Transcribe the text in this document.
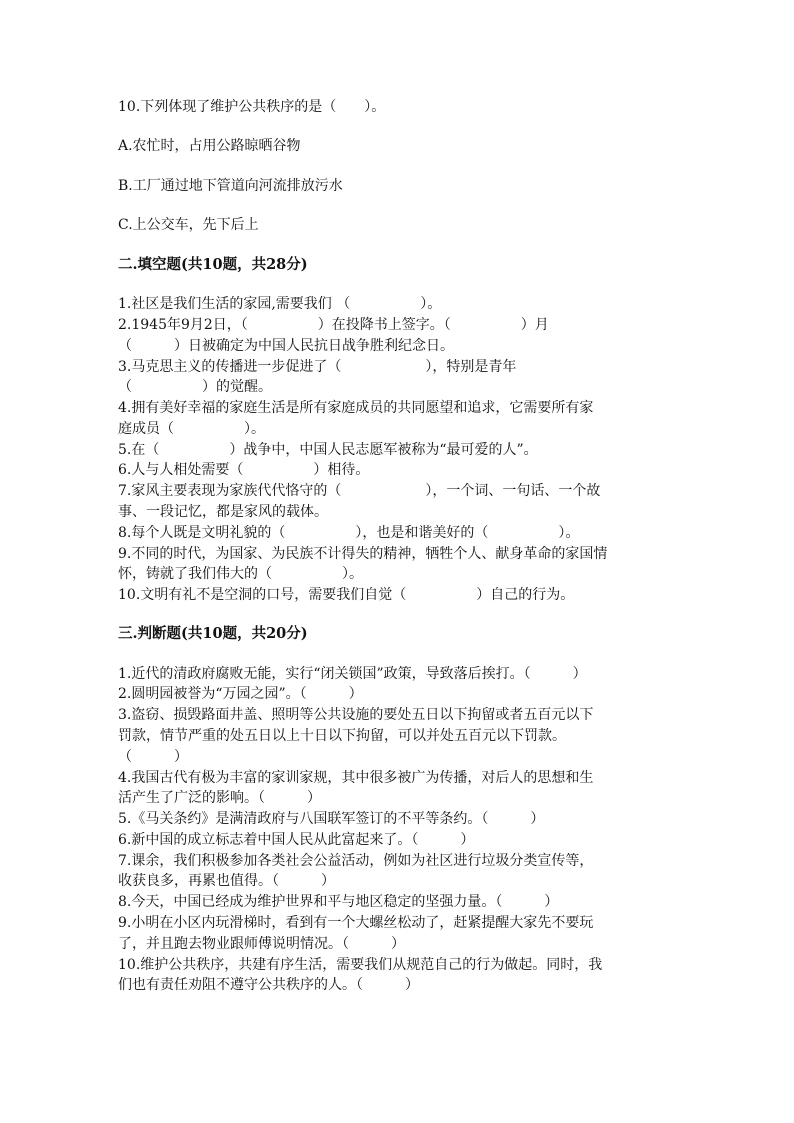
10.下列体现了维护公共秩序的是（　　）。
A.农忙时，占用公路晾晒谷物
B.工厂通过地下管道向河流排放污水
C.上公交车，先下后上
二.填空题(共10题，共28分)
1.社区是我们生活的家园,需要我们 （　　　　　）。
2.1945年9月2日，（　　　　　）在投降书上签字。（　　　　　）月
（　　　）日被确定为中国人民抗日战争胜利纪念日。
3.马克思主义的传播进一步促进了（　　　　　　），特别是青年
（　　　　　）的觉醒。
4.拥有美好幸福的家庭生活是所有家庭成员的共同愿望和追求，它需要所有家
庭成员（　　　　　）。
5.在（　　　　　）战争中，中国人民志愿军被称为“最可爱的人”。
6.人与人相处需要（　　　　　）相待。
7.家风主要表现为家族代代恪守的（　　　　　　），一个词、一句话、一个故
事、一段记忆，都是家风的载体。
8.每个人既是文明礼貌的（　　　　　），也是和谐美好的（　　　　　）。
9.不同的时代，为国家、为民族不计得失的精神，牺牲个人、献身革命的家国情
怀，铸就了我们伟大的（　　　　　）。
10.文明有礼不是空洞的口号，需要我们自觉（　　　　　）自己的行为。
三.判断题(共10题，共20分)
1.近代的清政府腐败无能，实行“闭关锁国”政策，导致落后挨打。（　　　）
2.圆明园被誉为“万园之园”。（　　　）
3.盗窃、损毁路面井盖、照明等公共设施的要处五日以下拘留或者五百元以下
罚款，情节严重的处五日以上十日以下拘留，可以并处五百元以下罚款。
（　　　）
4.我国古代有极为丰富的家训家规，其中很多被广为传播，对后人的思想和生
活产生了广泛的影响。（　　　）
5.《马关条约》是满清政府与八国联军签订的不平等条约。（　　　）
6.新中国的成立标志着中国人民从此富起来了。（　　　）
7.课余，我们积极参加各类社会公益活动，例如为社区进行垃圾分类宣传等，
收获良多，再累也值得。（　　　）
8.今天，中国已经成为维护世界和平与地区稳定的坚强力量。（　　　）
9.小明在小区内玩滑梯时，看到有一个大螺丝松动了，赶紧提醒大家先不要玩
了，并且跑去物业跟师傅说明情况。（　　　）
10.维护公共秩序，共建有序生活，需要我们从规范自己的行为做起。同时，我
们也有责任劝阻不遵守公共秩序的人。（　　　）
